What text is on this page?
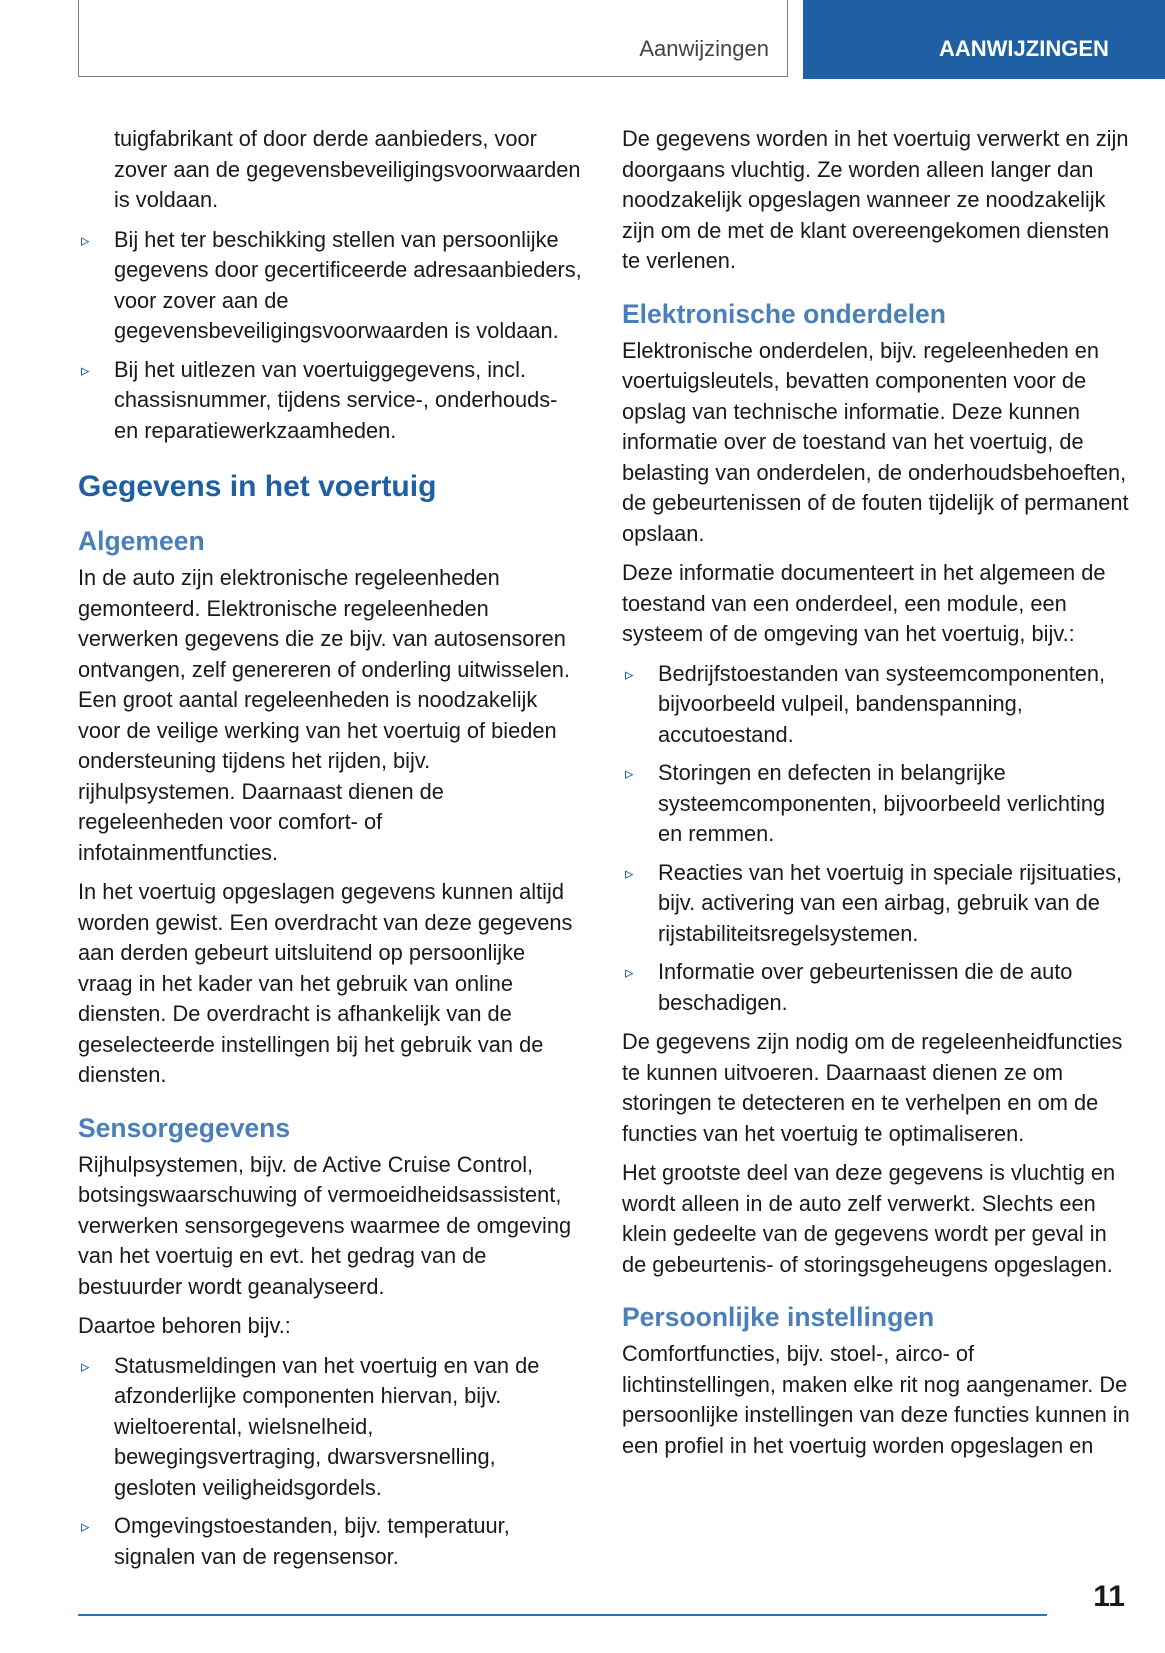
Aanwijzingen	AANWIJZINGEN

tuigfabrikant of door derde aanbieders, voor zover aan de gegevensbeveiligingsvoorwaarden is voldaan.

▹ Bij het ter beschikking stellen van persoonlijke gegevens door gecertificeerde adresaanbieders, voor zover aan de gegevensbeveiligingsvoorwaarden is voldaan.
▹ Bij het uitlezen van voertuiggegevens, incl. chassisnummer, tijdens service-, onderhouds- en reparatiewerkzaamheden.
Gegevens in het voertuig
Algemeen

In de auto zijn elektronische regeleenheden gemonteerd. Elektronische regeleenheden verwerken gegevens die ze bijv. van autosensoren ontvangen, zelf genereren of onderling uitwisselen. Een groot aantal regeleenheden is noodzakelijk voor de veilige werking van het voertuig of bieden ondersteuning tijdens het rijden, bijv. rijhulpsystemen. Daarnaast dienen de regeleenheden voor comfort- of infotainmentfuncties.

In het voertuig opgeslagen gegevens kunnen altijd worden gewist. Een overdracht van deze gegevens aan derden gebeurt uitsluitend op persoonlijke vraag in het kader van het gebruik van online diensten. De overdracht is afhankelijk van de geselecteerde instellingen bij het gebruik van de diensten.

Sensorgegevens

Rijhulpsystemen, bijv. de Active Cruise Control, botsingswaarschuwing of vermoeidheidsassistent, verwerken sensorgegevens waarmee de omgeving van het voertuig en evt. het gedrag van de bestuurder wordt geanalyseerd.

Daartoe behoren bijv.:

▹ Statusmeldingen van het voertuig en van de afzonderlijke componenten hiervan, bijv. wieltoerental, wielsnelheid, bewegingsvertraging, dwarsversnelling, gesloten veiligheidsgordels.
▹ Omgevingstoestanden, bijv. temperatuur, signalen van de regensensor.

De gegevens worden in het voertuig verwerkt en zijn doorgaans vluchtig. Ze worden alleen langer dan noodzakelijk opgeslagen wanneer ze noodzakelijk zijn om de met de klant overeengekomen diensten te verlenen.

Elektronische onderdelen

Elektronische onderdelen, bijv. regeleenheden en voertuigsleutels, bevatten componenten voor de opslag van technische informatie. Deze kunnen informatie over de toestand van het voertuig, de belasting van onderdelen, de onderhoudsbehoeften, de gebeurtenissen of de fouten tijdelijk of permanent opslaan.

Deze informatie documenteert in het algemeen de toestand van een onderdeel, een module, een systeem of de omgeving van het voertuig, bijv.:

▹ Bedrijfstoestanden van systeemcomponenten, bijvoorbeeld vulpeil, bandenspanning, accutoestand.
▹ Storingen en defecten in belangrijke systeemcomponenten, bijvoorbeeld verlichting en remmen.
▹ Reacties van het voertuig in speciale rijsituaties, bijv. activering van een airbag, gebruik van de rijstabiliteitsregelsystemen.
▹ Informatie over gebeurtenissen die de auto beschadigen.

De gegevens zijn nodig om de regeleenheidfuncties te kunnen uitvoeren. Daarnaast dienen ze om storingen te detecteren en te verhelpen en om de functies van het voertuig te optimaliseren.

Het grootste deel van deze gegevens is vluchtig en wordt alleen in de auto zelf verwerkt. Slechts een klein gedeelte van de gegevens wordt per geval in de gebeurtenis- of storingsgeheugens opgeslagen.

Persoonlijke instellingen

Comfortfuncties, bijv. stoel-, airco- of lichtinstellingen, maken elke rit nog aangenamer. De persoonlijke instellingen van deze functies kunnen in een profiel in het voertuig worden opgeslagen en

11
